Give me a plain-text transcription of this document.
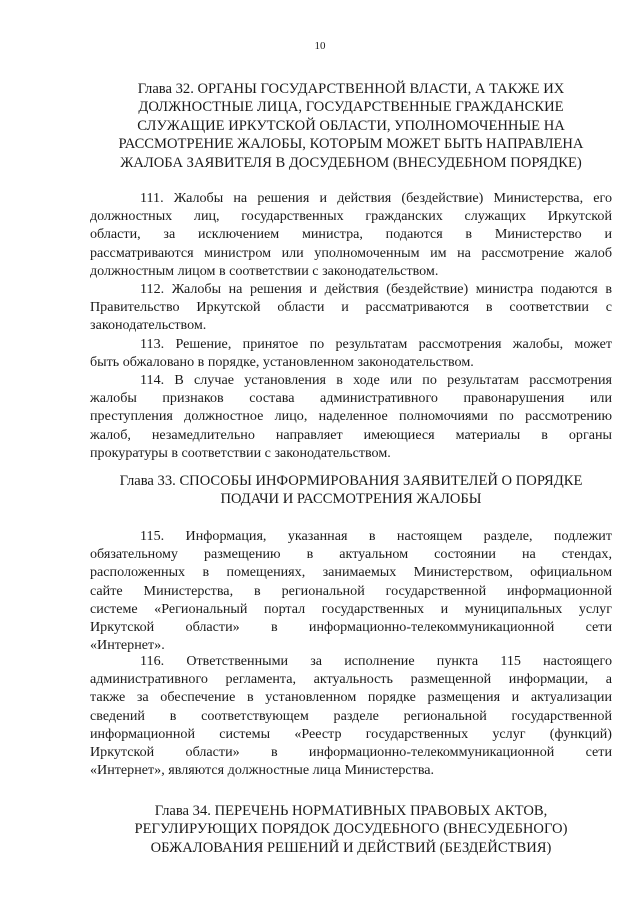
10
Глава 32. ОРГАНЫ ГОСУДАРСТВЕННОЙ ВЛАСТИ, А ТАКЖЕ ИХ
ДОЛЖНОСТНЫЕ ЛИЦА, ГОСУДАРСТВЕННЫЕ ГРАЖДАНСКИЕ
СЛУЖАЩИЕ ИРКУТСКОЙ ОБЛАСТИ, УПОЛНОМОЧЕННЫЕ НА
РАССМОТРЕНИЕ ЖАЛОБЫ, КОТОРЫМ МОЖЕТ БЫТЬ НАПРАВЛЕНА
ЖАЛОБА ЗАЯВИТЕЛЯ В ДОСУДЕБНОМ (ВНЕСУДЕБНОМ ПОРЯДКЕ)
111. Жалобы на решения и действия (бездействие) Министерства, его
должностных лиц, государственных гражданских служащих Иркутской
области, за исключением министра, подаются в Министерство и
рассматриваются министром или уполномоченным им на рассмотрение жалоб
должностным лицом в соответствии с законодательством.
112. Жалобы на решения и действия (бездействие) министра подаются в
Правительство Иркутской области и рассматриваются в соответствии с
законодательством.
113. Решение, принятое по результатам рассмотрения жалобы, может
быть обжаловано в порядке, установленном законодательством.
114. В случае установления в ходе или по результатам рассмотрения
жалобы признаков состава административного правонарушения или
преступления должностное лицо, наделенное полномочиями по рассмотрению
жалоб, незамедлительно направляет имеющиеся материалы в органы
прокуратуры в соответствии с законодательством.
Глава 33. СПОСОБЫ ИНФОРМИРОВАНИЯ ЗАЯВИТЕЛЕЙ О ПОРЯДКЕ
ПОДАЧИ И РАССМОТРЕНИЯ ЖАЛОБЫ
115. Информация, указанная в настоящем разделе, подлежит
обязательному размещению в актуальном состоянии на стендах,
расположенных в помещениях, занимаемых Министерством, официальном
сайте Министерства, в региональной государственной информационной
системе «Региональный портал государственных и муниципальных услуг
Иркутской области» в информационно-телекоммуникационной сети
«Интернет».
116. Ответственными за исполнение пункта 115 настоящего
административного регламента, актуальность размещенной информации, а
также за обеспечение в установленном порядке размещения и актуализации
сведений в соответствующем разделе региональной государственной
информационной системы «Реестр государственных услуг (функций)
Иркутской области» в информационно-телекоммуникационной сети
«Интернет», являются должностные лица Министерства.
Глава 34. ПЕРЕЧЕНЬ НОРМАТИВНЫХ ПРАВОВЫХ АКТОВ,
РЕГУЛИРУЮЩИХ ПОРЯДОК ДОСУДЕБНОГО (ВНЕСУДЕБНОГО)
ОБЖАЛОВАНИЯ РЕШЕНИЙ И ДЕЙСТВИЙ (БЕЗДЕЙСТВИЯ)
